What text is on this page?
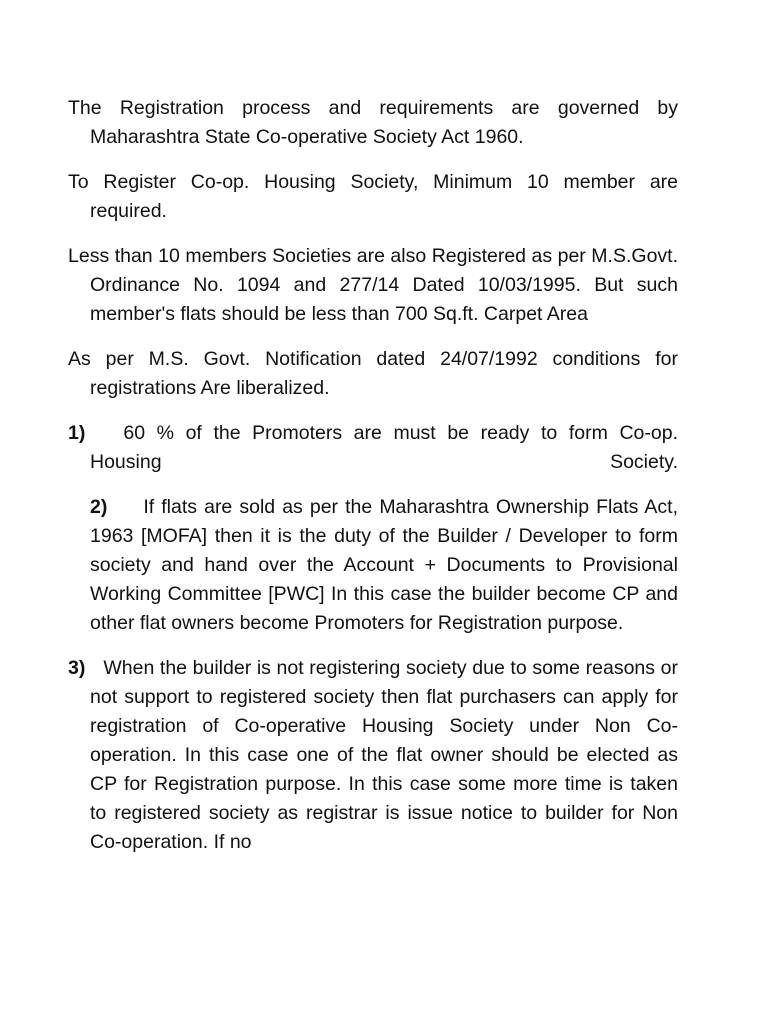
The Registration process and requirements are governed by Maharashtra State Co-operative Society Act 1960.

To Register Co-op. Housing Society, Minimum 10 member are required.

Less than 10 members Societies are also Registered as per M.S.Govt. Ordinance No. 1094 and 277/14 Dated 10/03/1995. But such member's flats should be less than 700 Sq.ft. Carpet Area

As per M.S. Govt. Notification dated 24/07/1992 conditions for registrations Are liberalized.

1) 60 % of the Promoters are must be ready to form Co-op.
Housing Society.

2) If flats are sold as per the Maharashtra Ownership Flats Act, 1963 [MOFA] then it is the duty of the Builder / Developer to form society and hand over the Account + Documents to Provisional Working Committee [PWC] In this case the builder become CP and other flat owners become Promoters for Registration purpose.

3) When the builder is not registering society due to some reasons or not support to registered society then flat purchasers can apply for registration of Co-operative Housing Society under Non Co-operation. In this case one of the flat owner should be elected as CP for Registration purpose. In this case some more time is taken to registered society as registrar is issue notice to builder for Non Co-operation. If no
